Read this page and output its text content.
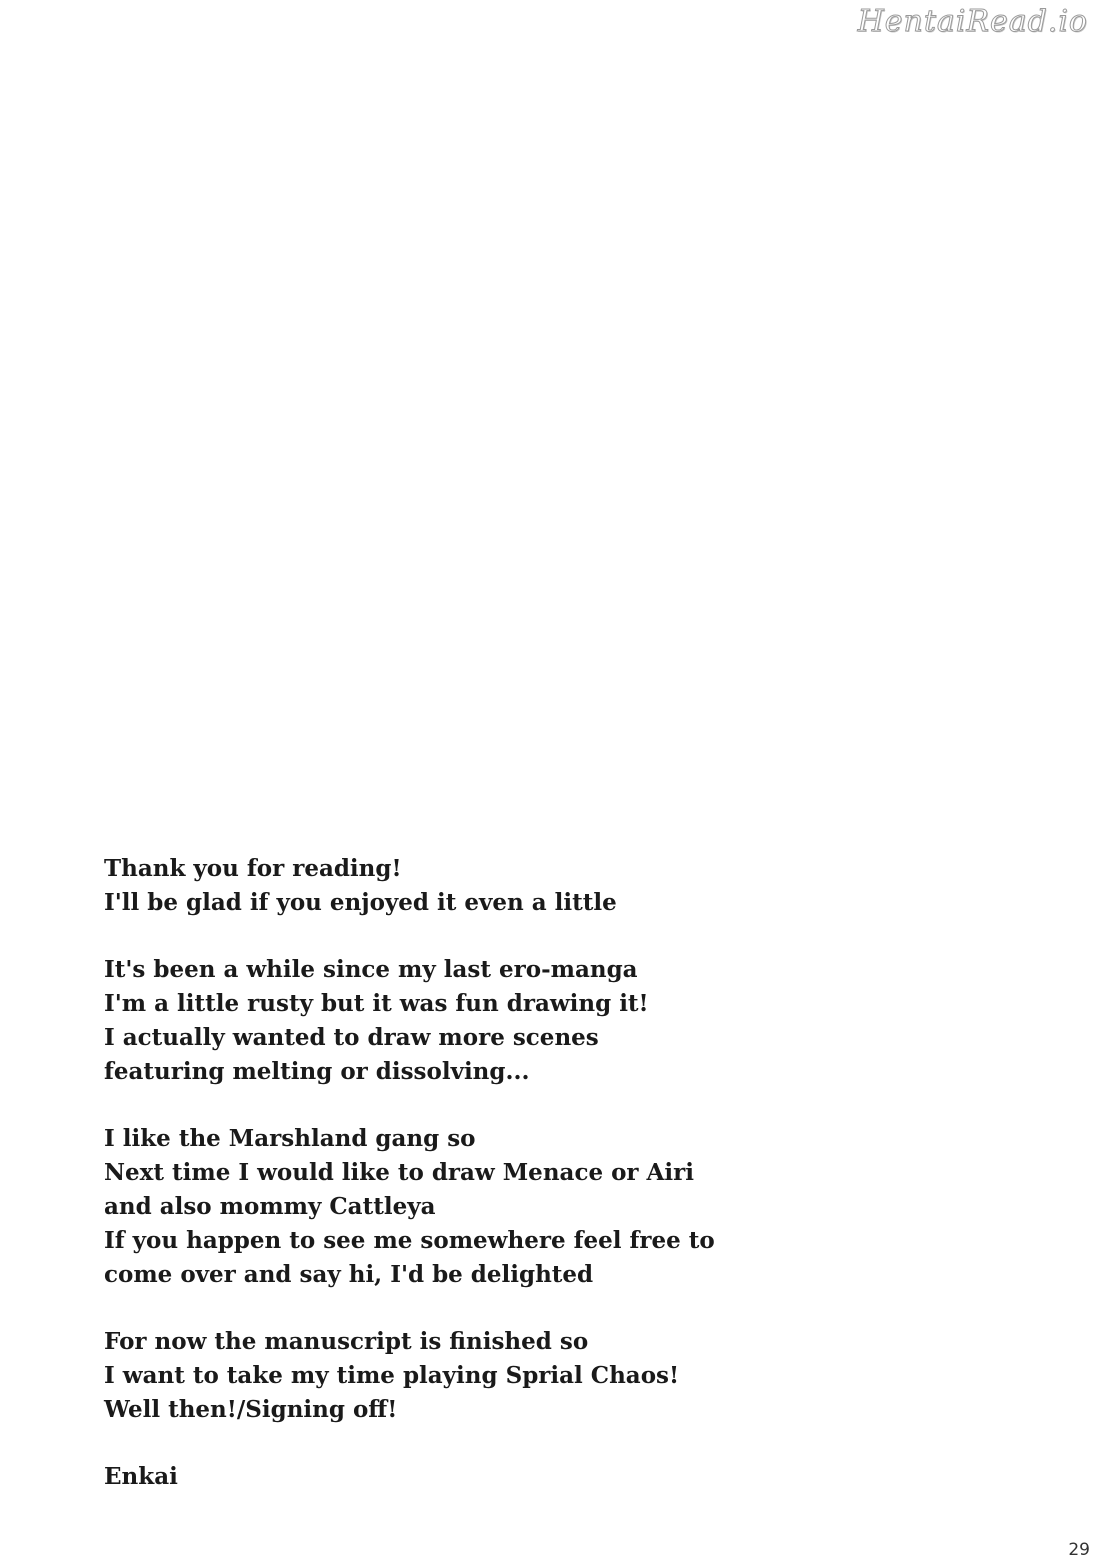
HentaiRead.io
Thank you for reading!
I'll be glad if you enjoyed it even a little
It's been a while since my last ero-manga
I'm a little rusty but it was fun drawing it!
I actually wanted to draw more scenes
featuring melting or dissolving...
I like the Marshland gang so
Next time I would like to draw Menace or Airi
and also mommy Cattleya
If you happen to see me somewhere feel free to
come over and say hi, I'd be delighted
For now the manuscript is finished so
I want to take my time playing Sprial Chaos!
Well then!/Signing off!
Enkai
29
